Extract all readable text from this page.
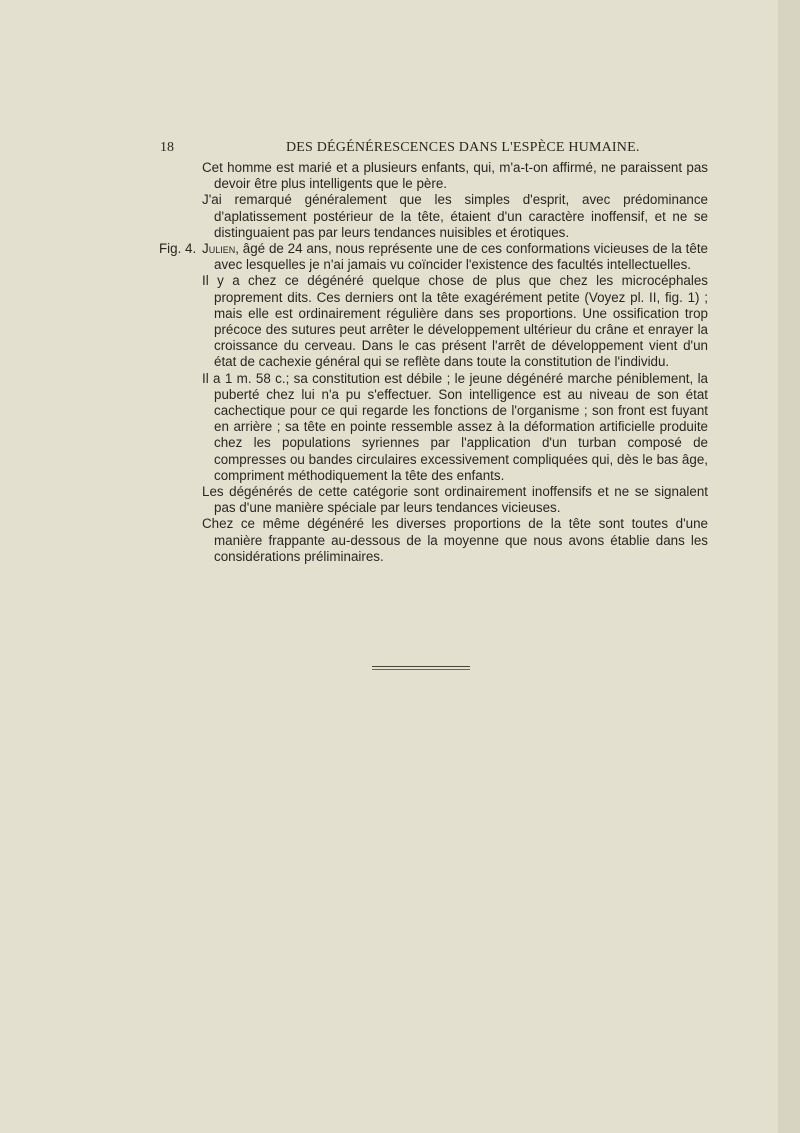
18	DES DÉGÉNÉRESCENCES DANS L'ESPÈCE HUMAINE.

Cet homme est marié et a plusieurs enfants, qui, m'a-t-on affirmé, ne paraissent pas devoir être plus intelligents que le père.

J'ai remarqué généralement que les simples d'esprit, avec prédominance d'aplatissement postérieur de la tête, étaient d'un caractère inoffensif, et ne se distinguaient pas par leurs tendances nuisibles et érotiques.

Fig. 4. Julien, âgé de 24 ans, nous représente une de ces conformations vicieuses de la tête avec lesquelles je n'ai jamais vu coïncider l'existence des facultés intellectuelles.

Il y a chez ce dégénéré quelque chose de plus que chez les microcéphales proprement dits. Ces derniers ont la tête exagérément petite (Voyez pl. II, fig. 1) ; mais elle est ordinairement régulière dans ses proportions. Une ossification trop précoce des sutures peut arrêter le développement ultérieur du crâne et enrayer la croissance du cerveau. Dans le cas présent l'arrêt de développement vient d'un état de cachexie général qui se reflète dans toute la constitution de l'individu.

Il a 1 m. 58 c.; sa constitution est débile ; le jeune dégénéré marche péniblement, la puberté chez lui n'a pu s'effectuer. Son intelligence est au niveau de son état cachectique pour ce qui regarde les fonctions de l'organisme ; son front est fuyant en arrière ; sa tête en pointe ressemble assez à la déformation artificielle produite chez les populations syriennes par l'application d'un turban composé de compresses ou bandes circulaires excessivement compliquées qui, dès le bas âge, compriment méthodiquement la tête des enfants.

Les dégénérés de cette catégorie sont ordinairement inoffensifs et ne se signalent pas d'une manière spéciale par leurs tendances vicieuses.

Chez ce même dégénéré les diverses proportions de la tête sont toutes d'une manière frappante au-dessous de la moyenne que nous avons établie dans les considérations préliminaires.
